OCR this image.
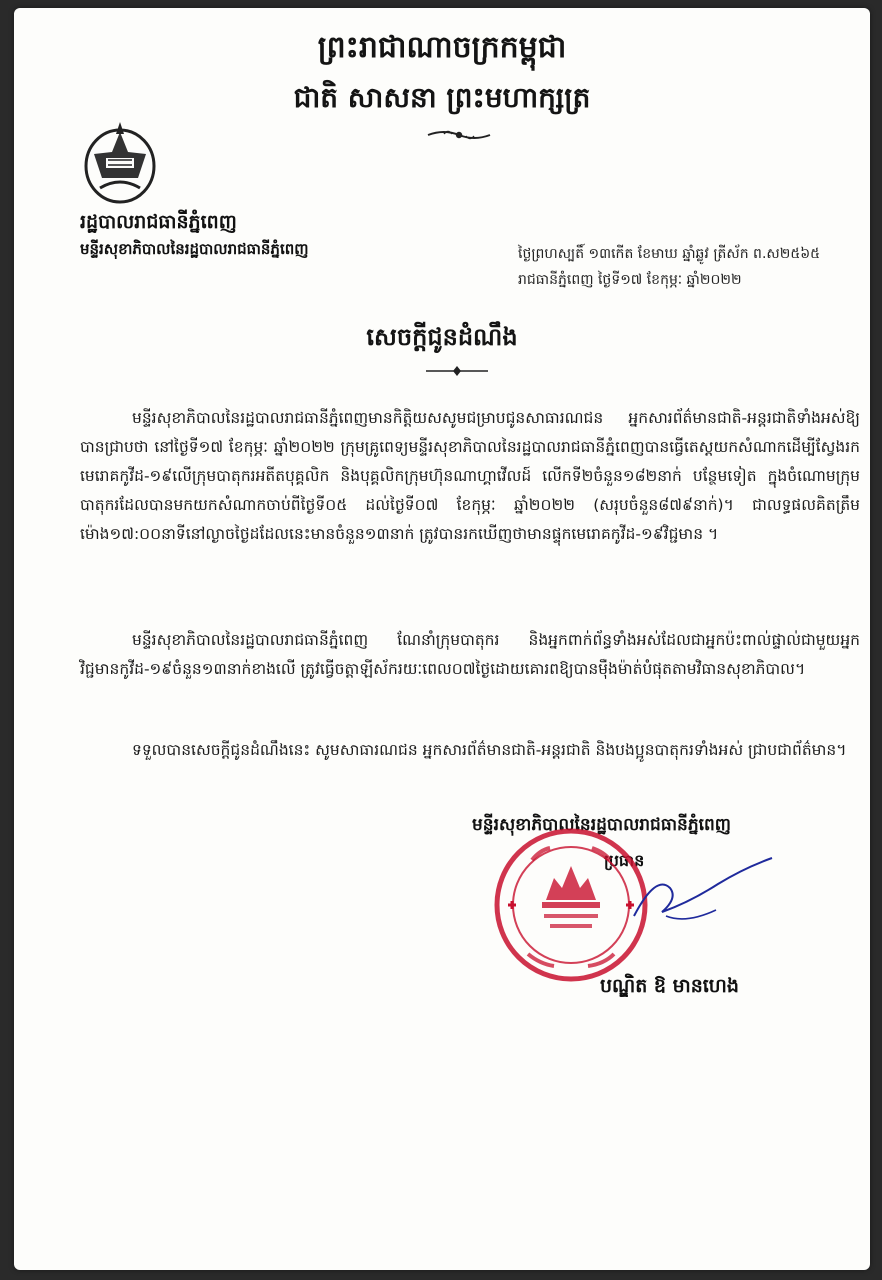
ព្រះរាជាណាចក្រកម្ពុជា
ជាតិ សាសនា ព្រះមហាក្សត្រ
រដ្ឋបាលរាជធានីភ្នំពេញ
មន្ទីរសុខាភិបាលនៃរដ្ឋបាលរាជធានីភ្នំពេញ	ថ្ងៃព្រហស្បតិ៍ ១៣កើត ខែមាឃ ឆ្នាំឆ្លូវ ត្រីស័ក ព.ស២៥៦៥
រាជធានីភ្នំពេញ ថ្ងៃទី១៧ ខែកុម្ភៈ ឆ្នាំ២០២២
សេចក្តីជូនដំណឹង

មន្ទីរសុខាភិបាលនៃរដ្ឋបាលរាជធានីភ្នំពេញមានកិត្តិយសសូមជម្រាបជូនសាធារណជន អ្នកសារព័ត៌មានជាតិ-អន្តរជាតិទាំងអស់ឱ្យបានជ្រាបថា នៅថ្ងៃទី១៧ ខែកុម្ភៈ ឆ្នាំ២០២២ ក្រុមគ្រូពេទ្យមន្ទីរសុខាភិបាលនៃរដ្ឋបាលរាជធានីភ្នំពេញបានធ្វើតេស្តយកសំណាកដើម្បីស្វែងរកមេរោគកូវីដ-១៩លើក្រុមបាតុករអតីតបុគ្គលិក និងបុគ្គលិកក្រុមហ៊ុនណាហ្គាវើលដ៍ លើកទី២ចំនួន១៨២នាក់ បន្ថែមទៀត ក្នុងចំណោមក្រុមបាតុករដែលបានមកយកសំណាកចាប់ពីថ្ងៃទី០៥ ដល់ថ្ងៃទី០៧ ខែកុម្ភៈ ឆ្នាំ២០២២ (សរុបចំនួន៨៧៩នាក់)។ ជាលទ្ធផលគិតត្រឹមម៉ោង១៧:០០នាទីនៅល្ងាចថ្ងៃដដែលនេះមានចំនួន១៣នាក់ ត្រូវបានរកឃើញថាមានផ្ទុកមេរោគកូវីដ-១៩វិជ្ជមាន ។

មន្ទីរសុខាភិបាលនៃរដ្ឋបាលរាជធានីភ្នំពេញ ណែនាំក្រុមបាតុករ និងអ្នកពាក់ព័ន្ធទាំងអស់ដែលជាអ្នកប៉ះពាល់ផ្ទាល់ជាមួយអ្នកវិជ្ជមានកូវីដ-១៩ចំនួន១៣នាក់ខាងលើ ត្រូវធ្វើចត្តាឡីស័ករយៈពេល០៧ថ្ងៃដោយគោរពឱ្យបានម៉ឺងម៉ាត់បំផុតតាមវិធានសុខាភិបាល។

ទទួលបានសេចក្តីជូនដំណឹងនេះ សូមសាធារណជន អ្នកសារព័ត៌មានជាតិ-អន្តរជាតិ និងបងប្អូនបាតុករទាំងអស់ ជ្រាបជាព័ត៌មាន។

មន្ទីរសុខាភិបាលនៃរដ្ឋបាលរាជធានីភ្នំពេញ
ប្រធាន
បណ្ឌិត ឱ មានហេង
